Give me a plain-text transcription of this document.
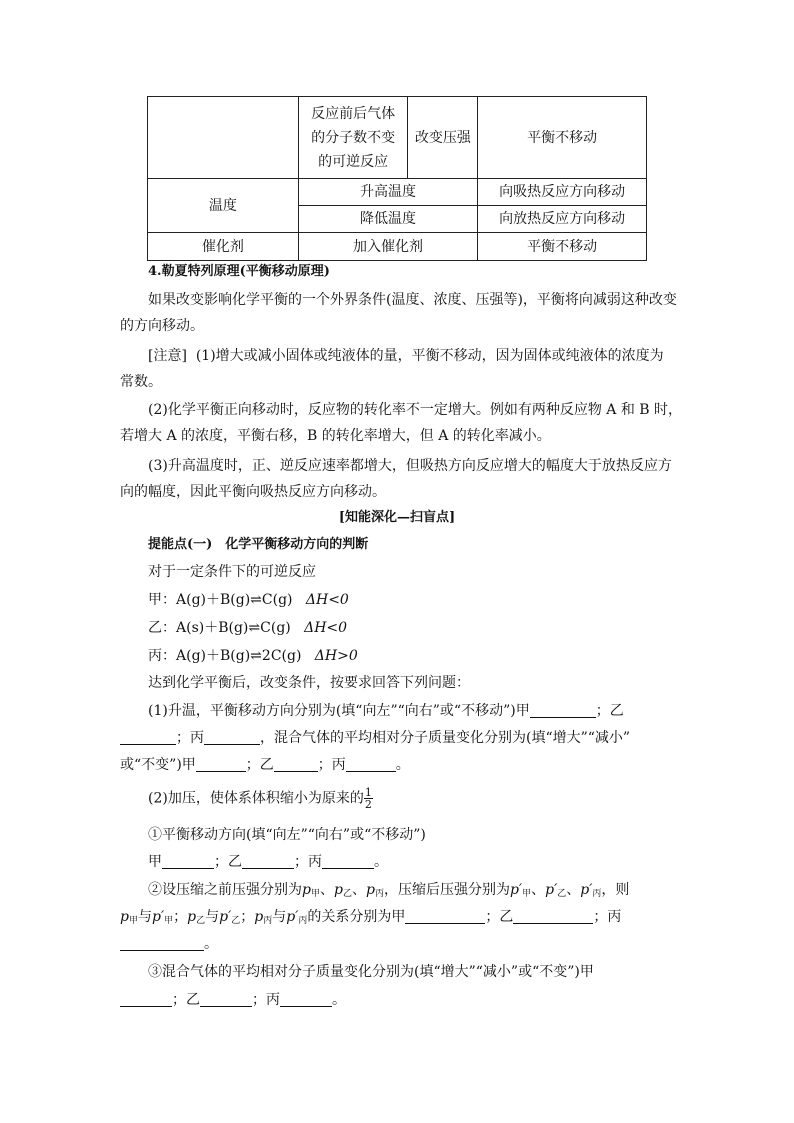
	反应前后气体
的分子数不变
的可逆反应	改变压强	平衡不移动
温度	升高温度		向吸热反应方向移动
	降低温度		向放热反应方向移动
催化剂	加入催化剂		平衡不移动
4.勒夏特列原理(平衡移动原理)
如果改变影响化学平衡的一个外界条件(温度、浓度、压强等)，平衡将向减弱这种改变
的方向移动。
[注意] (1)增大或减小固体或纯液体的量，平衡不移动，因为固体或纯液体的浓度为
常数。
(2)化学平衡正向移动时，反应物的转化率不一定增大。例如有两种反应物 A 和 B 时，
若增大 A 的浓度，平衡右移，B 的转化率增大，但 A 的转化率减小。
(3)升高温度时，正、逆反应速率都增大，但吸热方向反应增大的幅度大于放热反应方
向的幅度，因此平衡向吸热反应方向移动。
[知能深化—扫盲点]
提能点(一)　化学平衡移动方向的判断
对于一定条件下的可逆反应
甲：A(g)＋B(g)⇌C(g) ΔH<0
乙：A(s)＋B(g)⇌C(g) ΔH<0
丙：A(g)＋B(g)⇌2C(g) ΔH>0
达到化学平衡后，改变条件，按要求回答下列问题：
(1)升温，平衡移动方向分别为(填“向左”“向右”或“不移动”)甲	；乙
；丙	，混合气体的平均相对分子质量变化分别为(填“增大”“减小”
或“不变”)甲	；乙	；丙	。
(2)加压，使体系体积缩小为原来的 $\frac{1}{2}$
①平衡移动方向(填“向左”“向右”或“不移动”)
甲	；乙	；丙	。
②设压缩之前压强分别为$p_甲$、$p_乙$、$p_丙$，压缩后压强分别为$p'_甲$、$p'_乙$、$p'_丙$，则
$p_甲$与$p'_甲$；$p_乙$与$p'_乙$；$p_丙$与$p'_丙$的关系分别为甲	；乙	；丙
。
③混合气体的平均相对分子质量变化分别为(填“增大”“减小”或“不变”)甲
；乙	；丙	。
